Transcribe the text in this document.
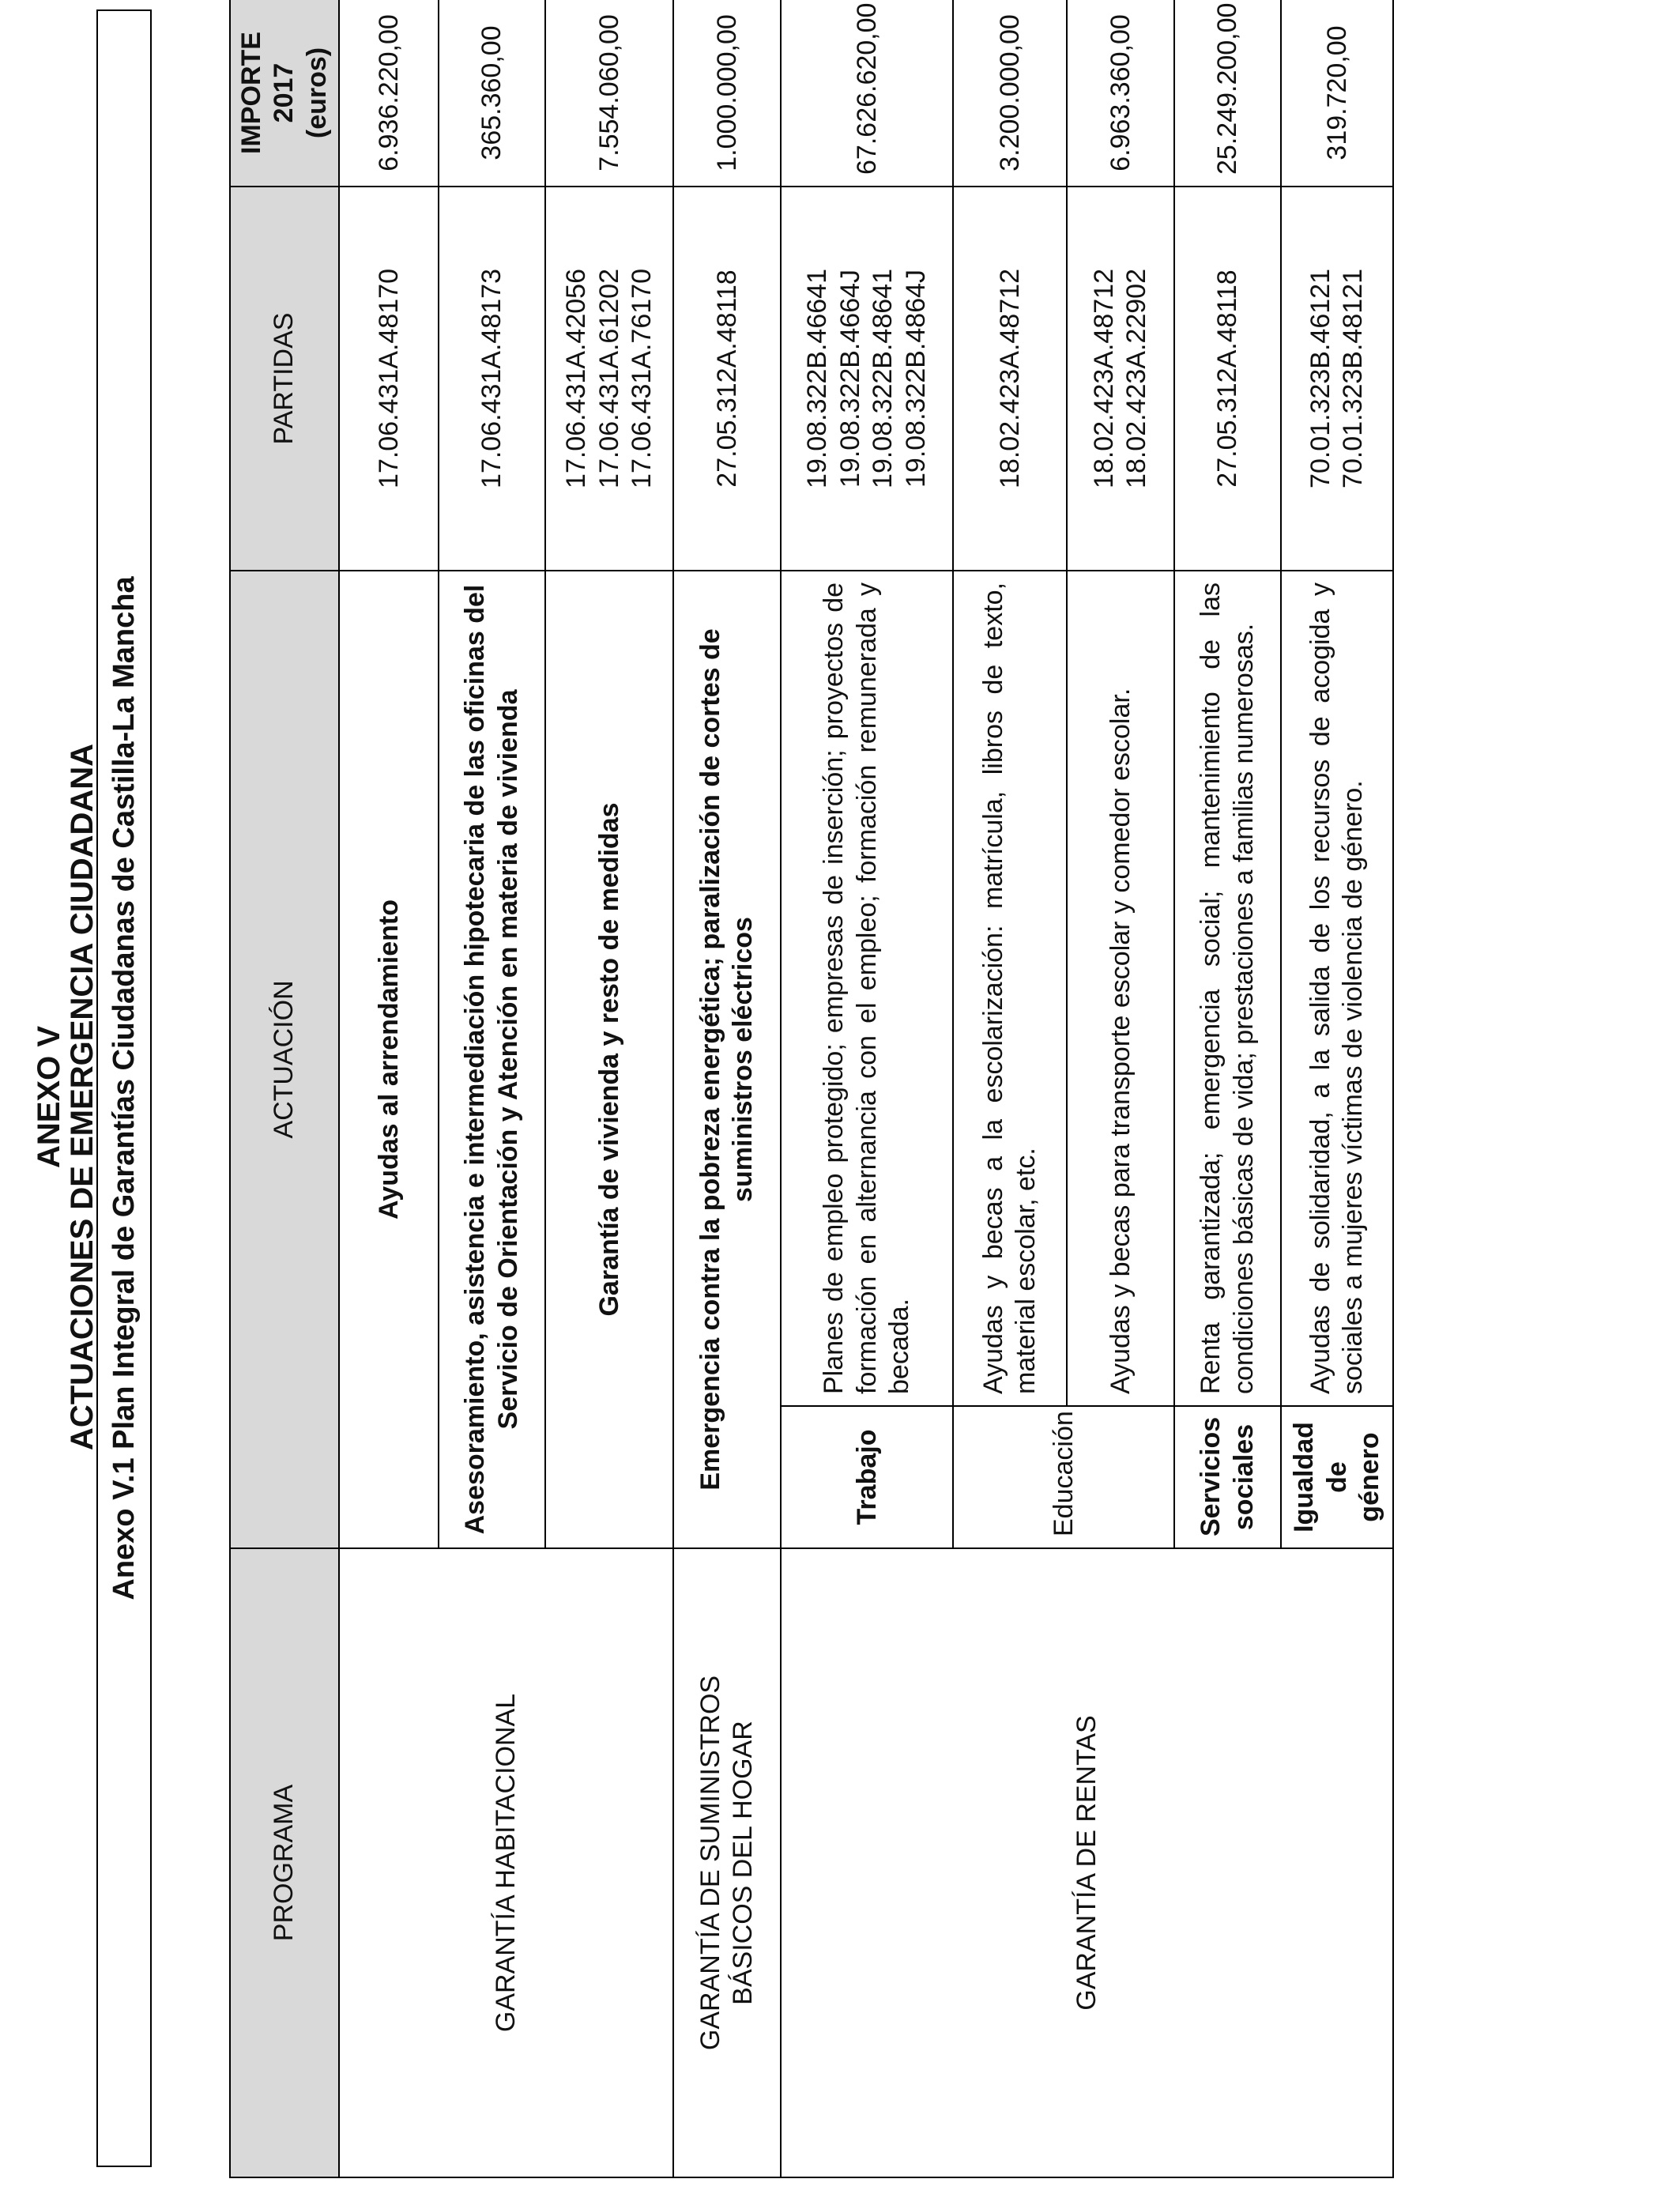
ANEXO V
ACTUACIONES DE EMERGENCIA CIUDADANA Anexo V.1 Plan Integral de Garantías Ciudadanas de Castilla-La Mancha
PROGRAMA	ACTUACIÓN		PARTIDAS	IMPORTE 2017 (euros)

GARANTÍA HABITACIONAL	Ayudas al arrendamiento		17.06.431A.48170	6.936.220,00
	Asesoramiento, asistencia e intermediación hipotecaria de las oficinas del Servicio de Orientación y Atención en materia de vivienda		17.06.431A.48173	365.360,00
	Garantía de vivienda y resto de medidas		17.06.431A.42056 17.06.431A.61202 17.06.431A.76170	7.554.060,00

GARANTÍA DE SUMINISTROS BÁSICOS DEL HOGAR	Emergencia contra la pobreza energética; paralización de cortes de suministros eléctricos		27.05.312A.48118	1.000.000,00
GARANTÍA DE RENTAS	Trabajo	Planes de empleo protegido; empresas de inserción; proyectos de formación en alternancia con el empleo; formación remunerada y becada.	19.08.322B.46641 19.08.322B.4664J 19.08.322B.48641 19.08.322B.4864J	67.626.620,00
	Educación	Ayudas y becas a la escolarización: matrícula, libros de texto, material escolar, etc.	18.02.423A.48712	3.200.000,00
		Ayudas y becas para transporte escolar y comedor escolar.	18.02.423A.48712 18.02.423A.22902	6.963.360,00

	Servicios sociales	Renta garantizada; emergencia social; mantenimiento de las condiciones básicas de vida; prestaciones a familias numerosas.	27.05.312A.48118	25.249.200,00

	Igualdad de género	Ayudas de solidaridad, a la salida de los recursos de acogida y sociales a mujeres víctimas de violencia de género.	70.01.323B.46121 70.01.323B.48121	319.720,00
